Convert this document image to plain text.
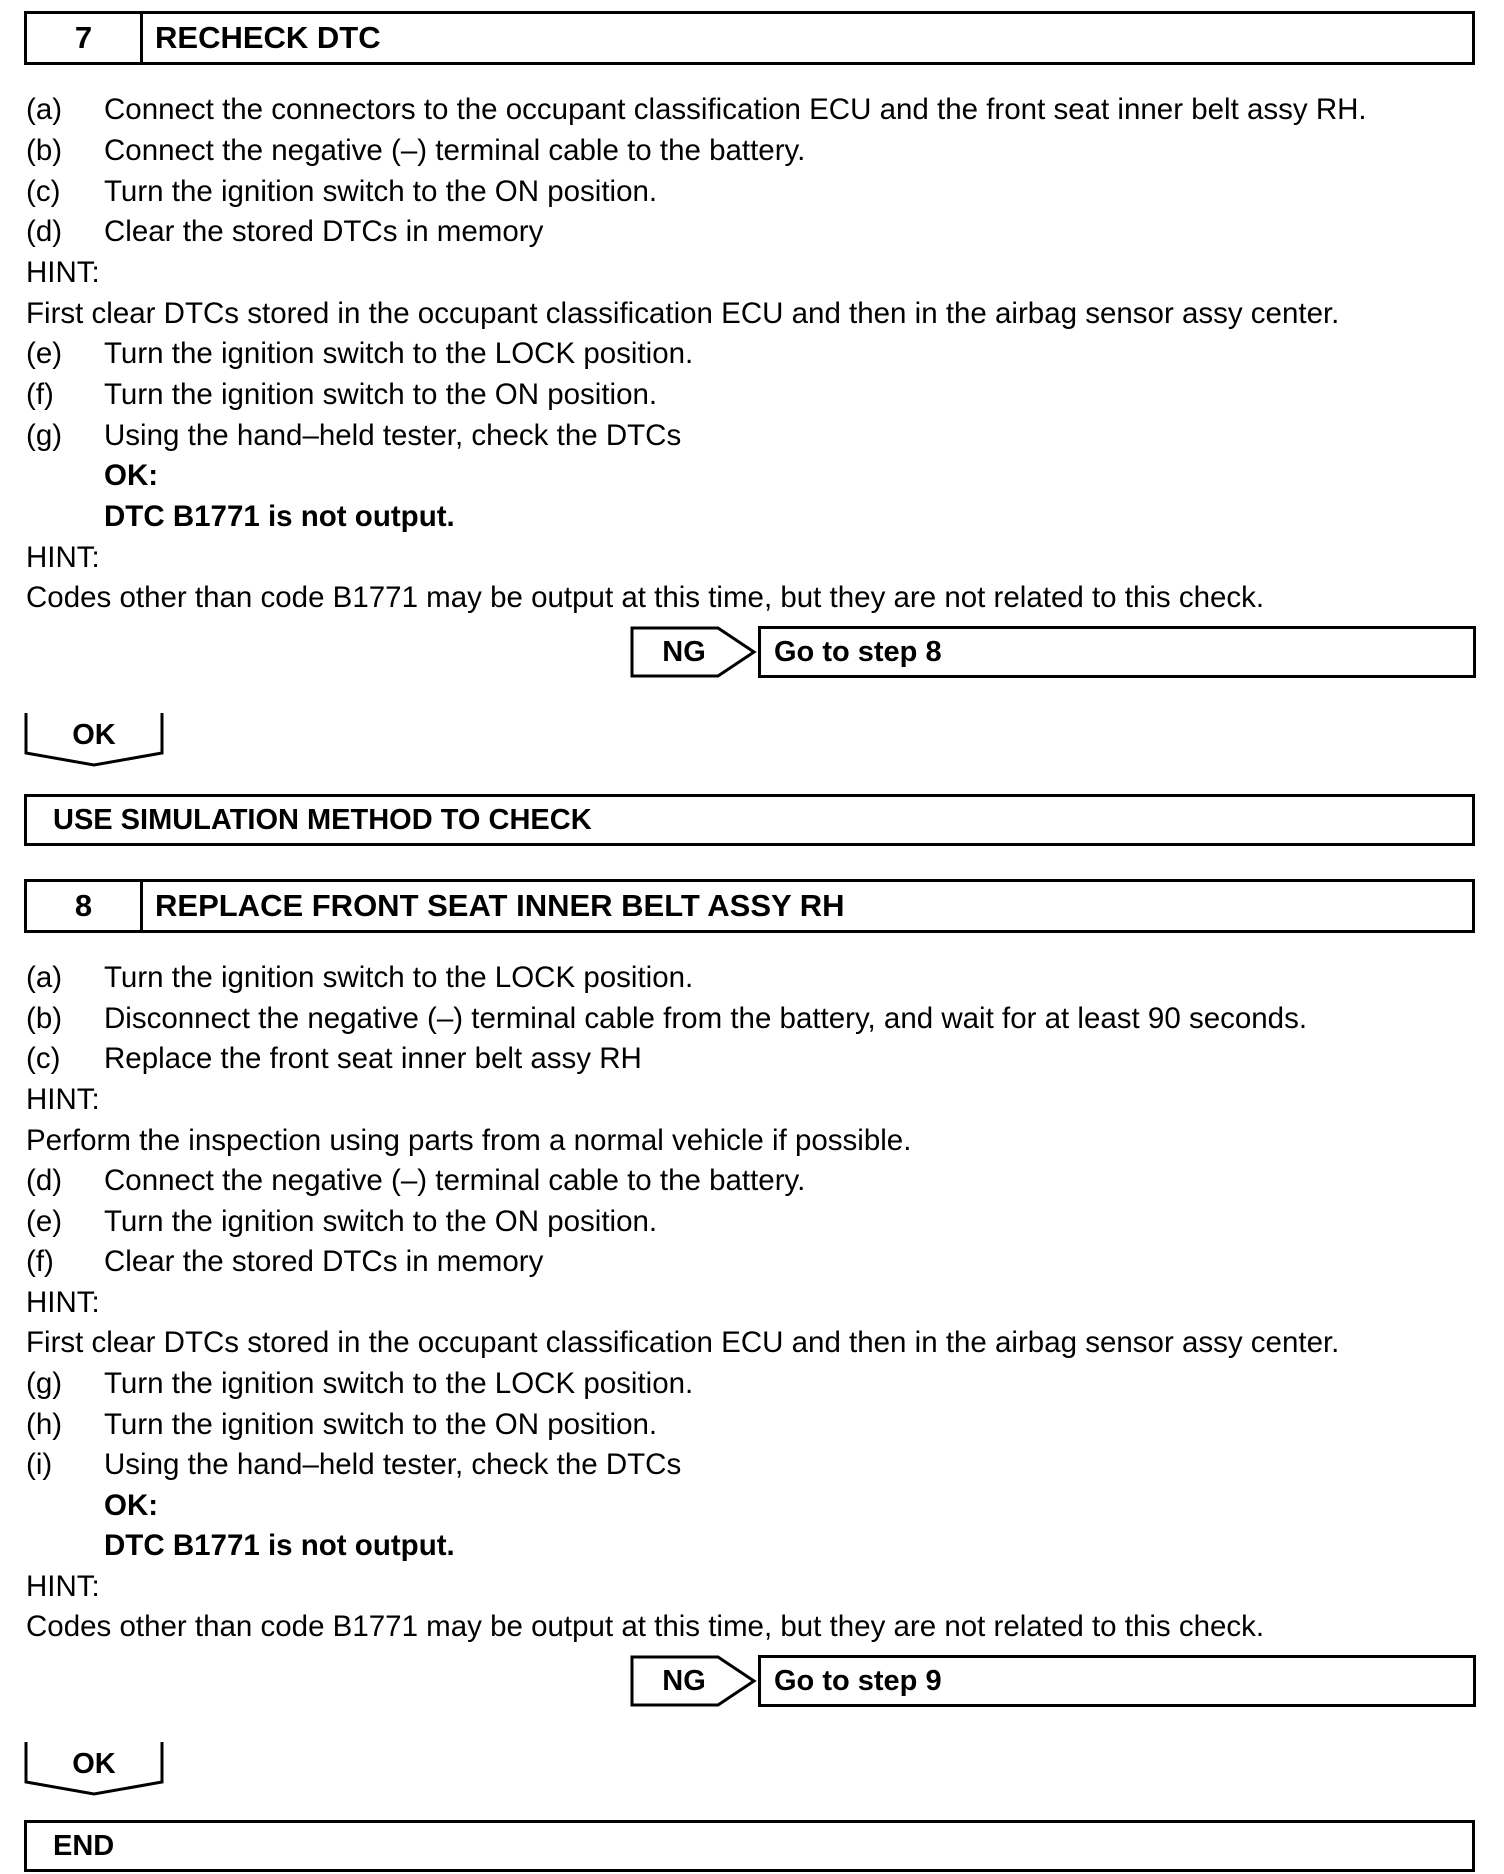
7	RECHECK DTC
(a) Connect the connectors to the occupant classification ECU and the front seat inner belt assy RH.
(b) Connect the negative (–) terminal cable to the battery.
(c) Turn the ignition switch to the ON position.
(d) Clear the stored DTCs in memory
HINT:
First clear DTCs stored in the occupant classification ECU and then in the airbag sensor assy center.
(e) Turn the ignition switch to the LOCK position.
(f) Turn the ignition switch to the ON position.
(g) Using the hand–held tester, check the DTCs
OK:
DTC B1771 is not output.
HINT:
Codes other than code B1771 may be output at this time, but they are not related to this check.
NG	Go to step 8
OK
USE SIMULATION METHOD TO CHECK
8	REPLACE FRONT SEAT INNER BELT ASSY RH
(a) Turn the ignition switch to the LOCK position.
(b) Disconnect the negative (–) terminal cable from the battery, and wait for at least 90 seconds.
(c) Replace the front seat inner belt assy RH
HINT:
Perform the inspection using parts from a normal vehicle if possible.
(d) Connect the negative (–) terminal cable to the battery.
(e) Turn the ignition switch to the ON position.
(f) Clear the stored DTCs in memory
HINT:
First clear DTCs stored in the occupant classification ECU and then in the airbag sensor assy center.
(g) Turn the ignition switch to the LOCK position.
(h) Turn the ignition switch to the ON position.
(i) Using the hand–held tester, check the DTCs
OK:
DTC B1771 is not output.
HINT:
Codes other than code B1771 may be output at this time, but they are not related to this check.
NG	Go to step 9
OK
END
